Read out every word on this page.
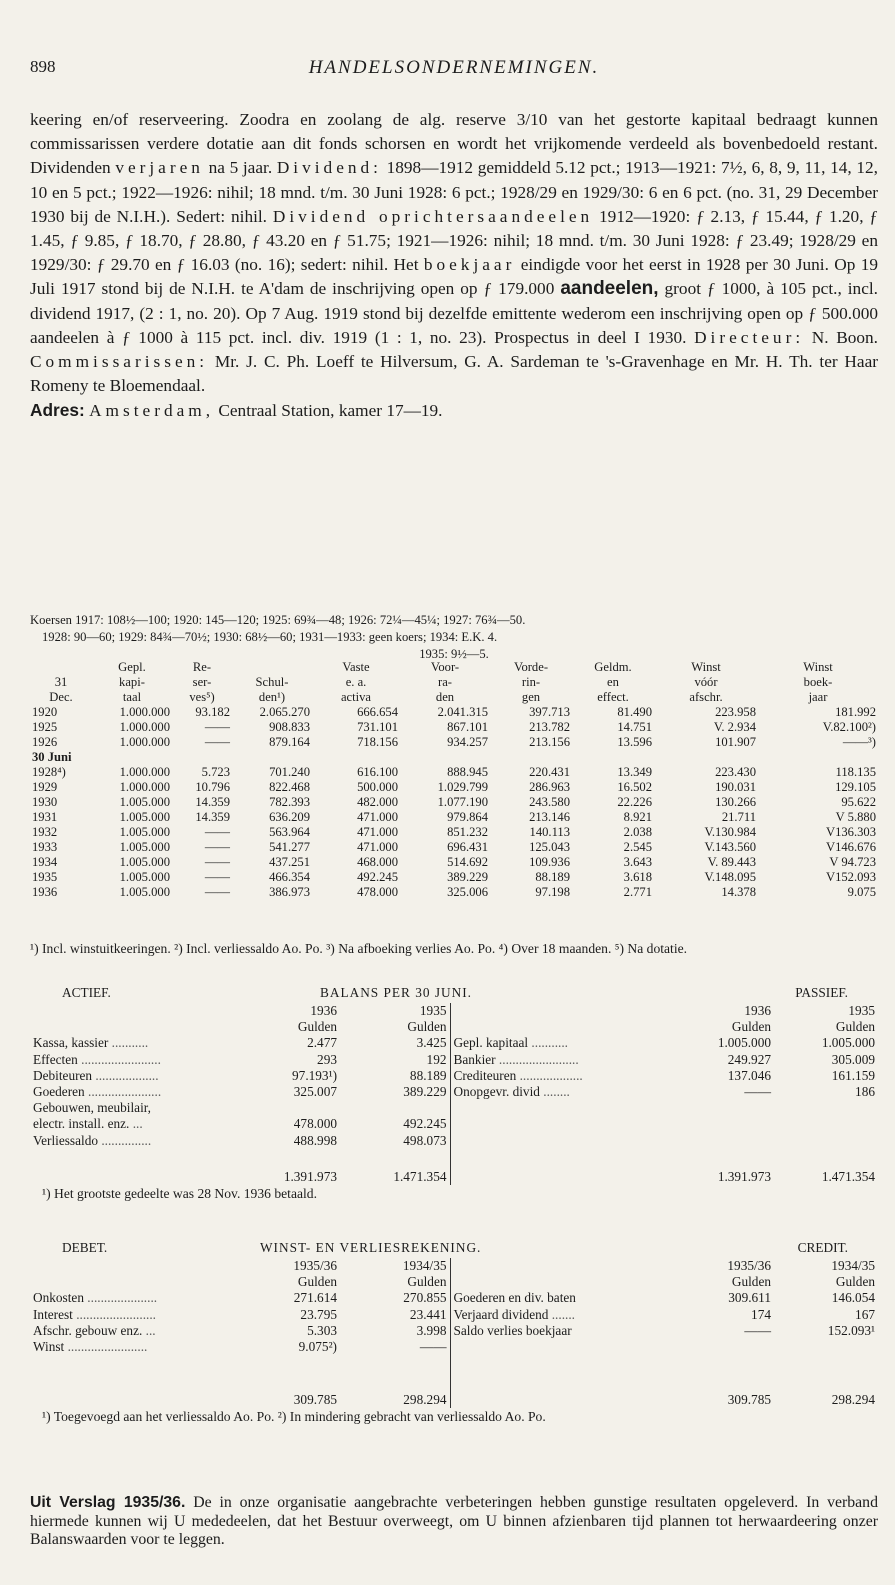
898	HANDELSONDERNEMINGEN.

keering en/of reserveering. Zoodra en zoolang de alg. reserve 3/10 van het gestorte kapitaal bedraagt kunnen commissarissen verdere dotatie aan dit fonds schorsen en wordt het vrijkomende verdeeld als bovenbedoeld restant. Dividenden verjaren na 5 jaar. Dividend: 1898—1912 gemiddeld 5.12 pct.; 1913—1921: 7½, 6, 8, 9, 11, 14, 12, 10 en 5 pct.; 1922—1926: nihil; 18 mnd. t/m. 30 Juni 1928: 6 pct.; 1928/29 en 1929/30: 6 en 6 pct. (no. 31, 29 December 1930 bij de N.I.H.). Sedert: nihil. Dividend oprichtersaandeelen 1912—1920: ƒ 2.13, ƒ 15.44, ƒ 1.20, ƒ 1.45, ƒ 9.85, ƒ 18.70, ƒ 28.80, ƒ 43.20 en ƒ 51.75; 1921—1926: nihil; 18 mnd. t/m. 30 Juni 1928: ƒ 23.49; 1928/29 en 1929/30: ƒ 29.70 en ƒ 16.03 (no. 16); sedert: nihil. Het boekjaar eindigde voor het eerst in 1928 per 30 Juni. Op 19 Juli 1917 stond bij de N.I.H. te A'dam de inschrijving open op ƒ 179.000 aandeelen, groot ƒ 1000, à 105 pct., incl. dividend 1917, (2 : 1, no. 20). Op 7 Aug. 1919 stond bij dezelfde emittente wederom een inschrijving open op ƒ 500.000 aandeelen à ƒ 1000 à 115 pct. incl. div. 1919 (1 : 1, no. 23). Prospectus in deel I 1930. Directeur: N. Boon. Commissarissen: Mr. J. C. Ph. Loeff te Hilversum, G. A. Sardeman te 's-Gravenhage en Mr. H. Th. ter Haar Romeny te Bloemendaal.
Adres: Amsterdam, Centraal Station, kamer 17—19.

Koersen 1917: 108½—100; 1920: 145—120; 1925: 69¾—48; 1926: 72¼—45¼; 1927: 76¾—50.
1928: 90—60; 1929: 84¾—70½; 1930: 68½—60; 1931—1933: geen koers; 1934: E.K. 4.
1935: 9½—5.
	Gepl.	Re-		Vaste	Voor-	Vorde-	Geldm.	Winst	Winst
31	kapi-	ser-	Schul-	e. a.	ra-	rin-	en	vóór	boek-
Dec.	taal	ves⁵)	den¹)	activa	den	gen	effect.	afschr.	jaar
1920	1.000.000	93.182	2.065.270	666.654	2.041.315	397.713	81.490	223.958	181.992
1925	1.000.000	——	908.833	731.101	867.101	213.782	14.751	V. 2.934	V.82.100²)
1926	1.000.000	——	879.164	718.156	934.257	213.156	13.596	101.907	——³)
30 Juni									
1928⁴)	1.000.000	5.723	701.240	616.100	888.945	220.431	13.349	223.430	118.135
1929	1.000.000	10.796	822.468	500.000	1.029.799	286.963	16.502	190.031	129.105
1930	1.005.000	14.359	782.393	482.000	1.077.190	243.580	22.226	130.266	95.622
1931	1.005.000	14.359	636.209	471.000	979.864	213.146	8.921	21.711	V 5.880
1932	1.005.000	——	563.964	471.000	851.232	140.113	2.038	V.130.984	V136.303
1933	1.005.000	——	541.277	471.000	696.431	125.043	2.545	V.143.560	V146.676
1934	1.005.000	——	437.251	468.000	514.692	109.936	3.643	V. 89.443	V 94.723
1935	1.005.000	——	466.354	492.245	389.229	88.189	3.618	V.148.095	V152.093
1936	1.005.000	——	386.973	478.000	325.006	97.198	2.771	14.378	9.075
¹) Incl. winstuitkeeringen. ²) Incl. verliessaldo Ao. Po. ³) Na afboeking verlies Ao. Po. ⁴) Over 18 maanden. ⁵) Na dotatie.
ACTIEF.	BALANS PER 30 JUNI.	PASSIEF.
	1936	1935		1936	1935
	Gulden	Gulden		Gulden	Gulden
Kassa, kassier ...........	2.477	3.425	Gepl. kapitaal ...........	1.005.000	1.005.000
Effecten ........................	293	192	Bankier ........................	249.927	305.009
Debiteuren ...................	97.193¹)	88.189	Crediteuren ...................	137.046	161.159
Goederen ......................	325.007	389.229	Onopgevr. divid ........	——	186
Gebouwen, meubilair,					
electr. install. enz. ...	478.000	492.245			
Verliessaldo ...............	488.998	498.073			

	1.391.973	1.471.354		1.391.973	1.471.354
¹) Het grootste gedeelte was 28 Nov. 1936 betaald.
DEBET.	WINST- EN VERLIESREKENING.	CREDIT.
	1935/36	1934/35		1935/36	1934/35
	Gulden	Gulden		Gulden	Gulden
Onkosten .....................	271.614	270.855	Goederen en div. baten	309.611	146.054
Interest ........................	23.795	23.441	Verjaard dividend .......	174	167
Afschr. gebouw enz. ...	5.303	3.998	Saldo verlies boekjaar	——	152.093¹
Winst ........................	9.075²)	——			

	309.785	298.294		309.785	298.294
¹) Toegevoegd aan het verliessaldo Ao. Po. ²) In mindering gebracht van verliessaldo Ao. Po.

Uit Verslag 1935/36. De in onze organisatie aangebrachte verbeteringen hebben gunstige resultaten opgeleverd. In verband hiermede kunnen wij U mededeelen, dat het Bestuur overweegt, om U binnen afzienbaren tijd plannen tot herwaardeering onzer Balanswaarden voor te leggen.
